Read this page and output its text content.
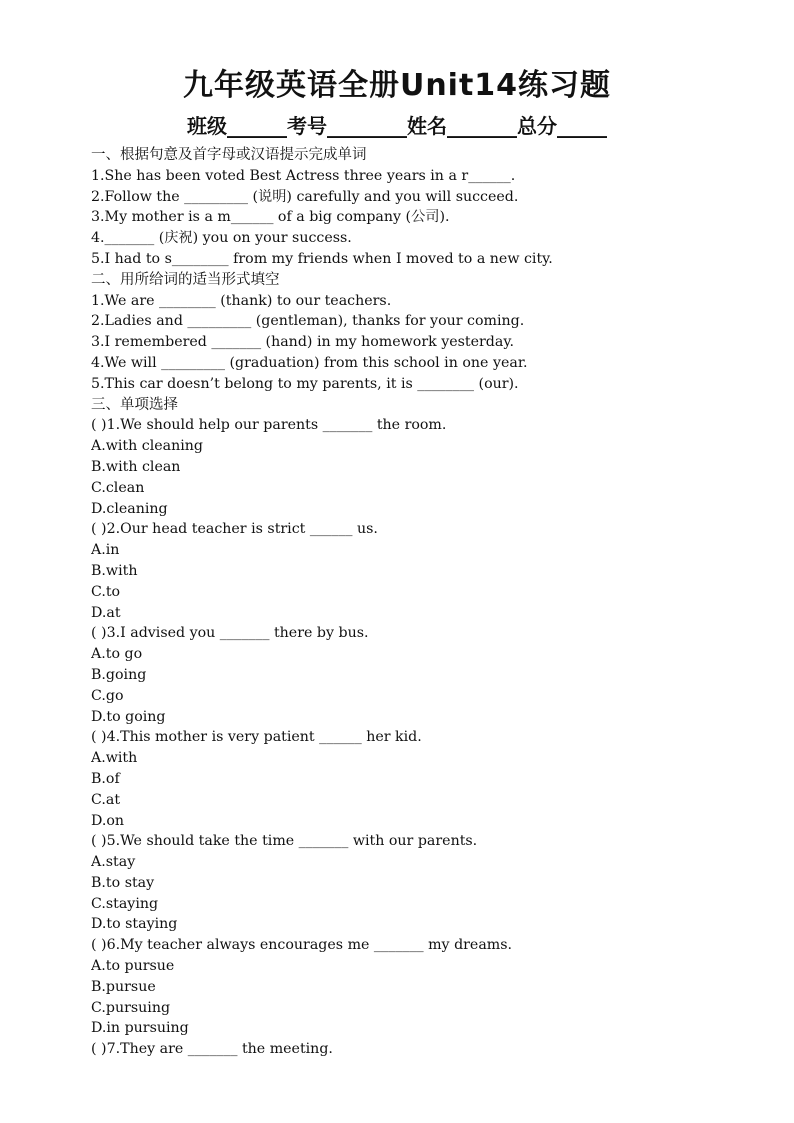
九年级英语全册Unit14练习题
班级______考号________姓名_______总分_____
一、根据句意及首字母或汉语提示完成单词
1.She has been voted Best Actress three years in a r______.
2.Follow the _________ (说明) carefully and you will succeed.
3.My mother is a m______ of a big company (公司).
4._______ (庆祝) you on your success.
5.I had to s________ from my friends when I moved to a new city.
二、用所给词的适当形式填空
1.We are ________ (thank) to our teachers.
2.Ladies and _________ (gentleman), thanks for your coming.
3.I remembered _______ (hand) in my homework yesterday.
4.We will _________ (graduation) from this school in one year.
5.This car doesn’t belong to my parents, it is ________ (our).
三、单项选择
( )1.We should help our parents _______ the room.
A.with cleaning
B.with clean
C.clean
D.cleaning
( )2.Our head teacher is strict ______ us.
A.in
B.with
C.to
D.at
( )3.I advised you _______ there by bus.
A.to go
B.going
C.go
D.to going
( )4.This mother is very patient ______ her kid.
A.with
B.of
C.at
D.on
( )5.We should take the time _______ with our parents.
A.stay
B.to stay
C.staying
D.to staying
( )6.My teacher always encourages me _______ my dreams.
A.to pursue
B.pursue
C.pursuing
D.in pursuing
( )7.They are _______ the meeting.
